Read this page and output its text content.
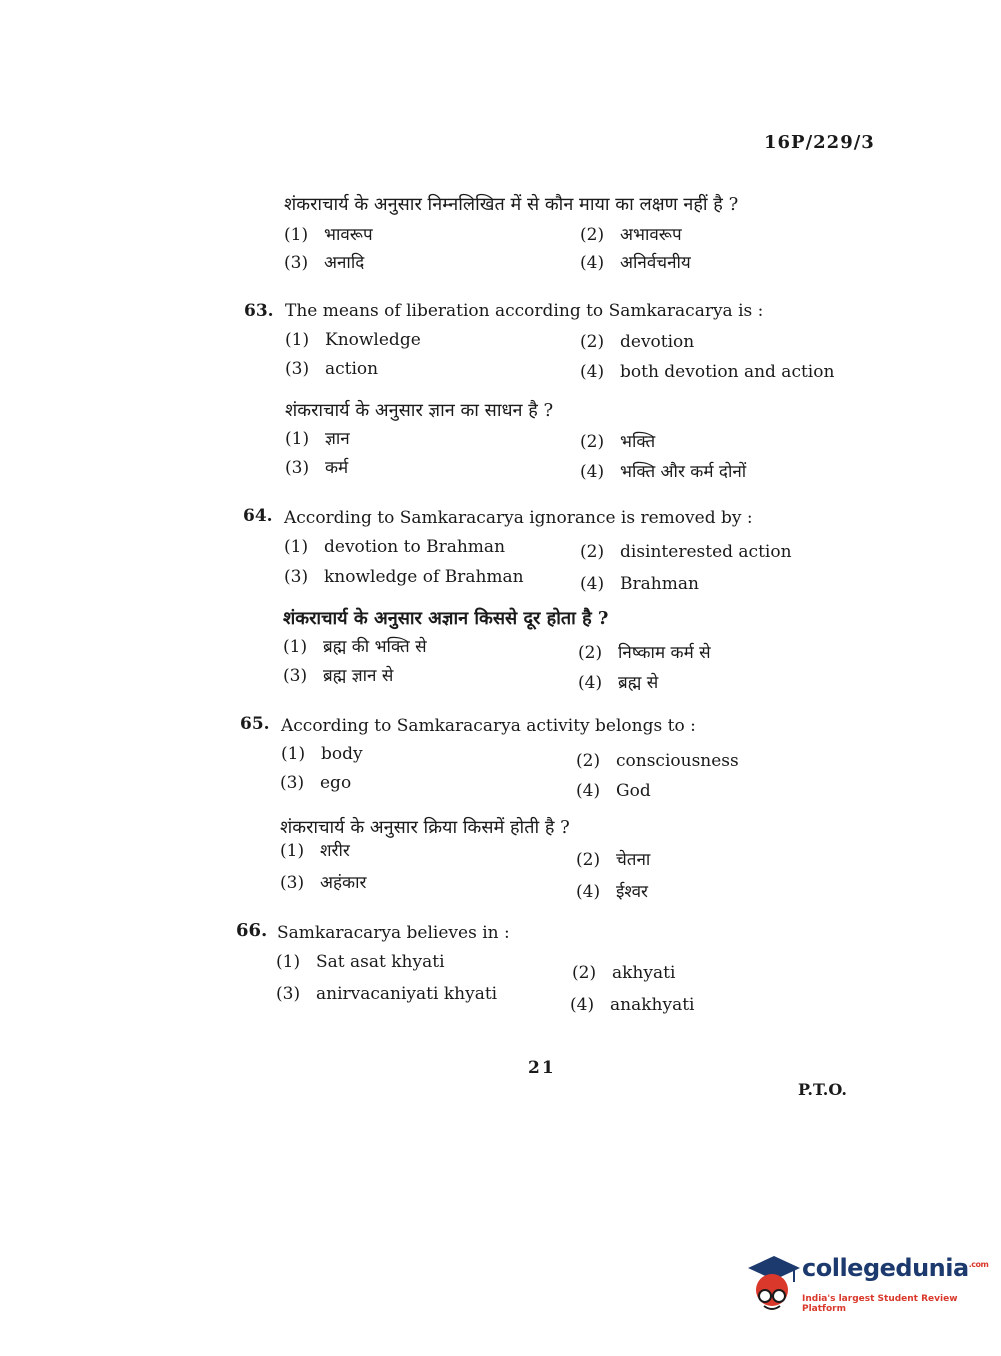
16P/229/3
शंकराचार्य के अनुसार निम्नलिखित में से कौन माया का लक्षण नहीं है ?
(1) भावरूप	(2) अभावरूप
(3) अनादि	(4) अनिर्वचनीय
63. The means of liberation according to Samkaracarya is :
(1) Knowledge	(2) devotion
(3) action	(4) both devotion and action
शंकराचार्य के अनुसार ज्ञान का साधन है ?
(1) ज्ञान	(2) भक्ति
(3) कर्म	(4) भक्ति और कर्म दोनों
64. According to Samkaracarya ignorance is removed by :
(1) devotion to Brahman	(2) disinterested action
(3) knowledge of Brahman	(4) Brahman
शंकराचार्य के अनुसार अज्ञान किससे दूर होता है ?
(1) ब्रह्म की भक्ति से	(2) निष्काम कर्म से
(3) ब्रह्म ज्ञान से	(4) ब्रह्म से
65. According to Samkaracarya activity belongs to :
(1) body	(2) consciousness
(3) ego	(4) God
शंकराचार्य के अनुसार क्रिया किसमें होती है ?
(1) शरीर	(2) चेतना
(3) अहंकार	(4) ईश्वर
66. Samkaracarya believes in :
(1) Sat asat khyati
(2) akhyati
(3) anirvacaniyati khyati
(4) anakhyati
21
P.T.O.
collegedunia$^{.com}$
India's largest Student Review Platform
